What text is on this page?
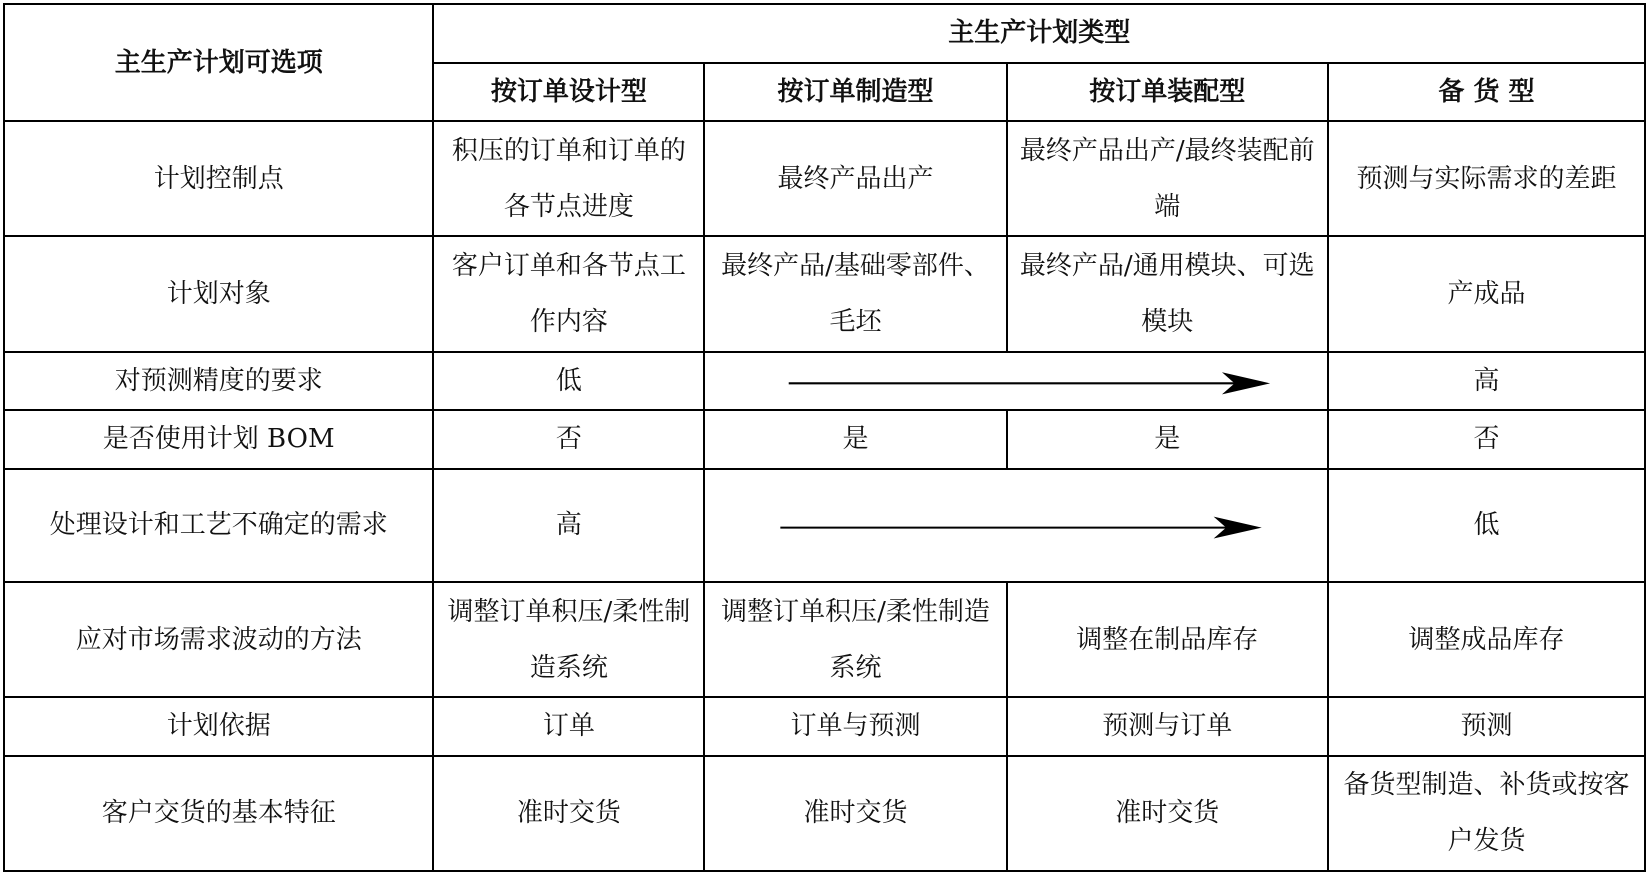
主生产计划可选项	主生产计划类型			
	按订单设计型	按订单制造型	按订单装配型	备 货 型
计划控制点	积压的订单和订单的各节点进度	最终产品出产	最终产品出产/最终装配前端	预测与实际需求的差距
计划对象	客户订单和各节点工作内容	最终产品/基础零部件、毛坯	最终产品/通用模块、可选模块	产成品
对预测精度的要求	低			高
是否使用计划 BOM	否	是	是	否
处理设计和工艺不确定的需求	高			低
应对市场需求波动的方法	调整订单积压/柔性制造系统	调整订单积压/柔性制造系统	调整在制品库存	调整成品库存
计划依据	订单	订单与预测	预测与订单	预测
客户交货的基本特征	准时交货	准时交货	准时交货	备货型制造、补货或按客户发货
